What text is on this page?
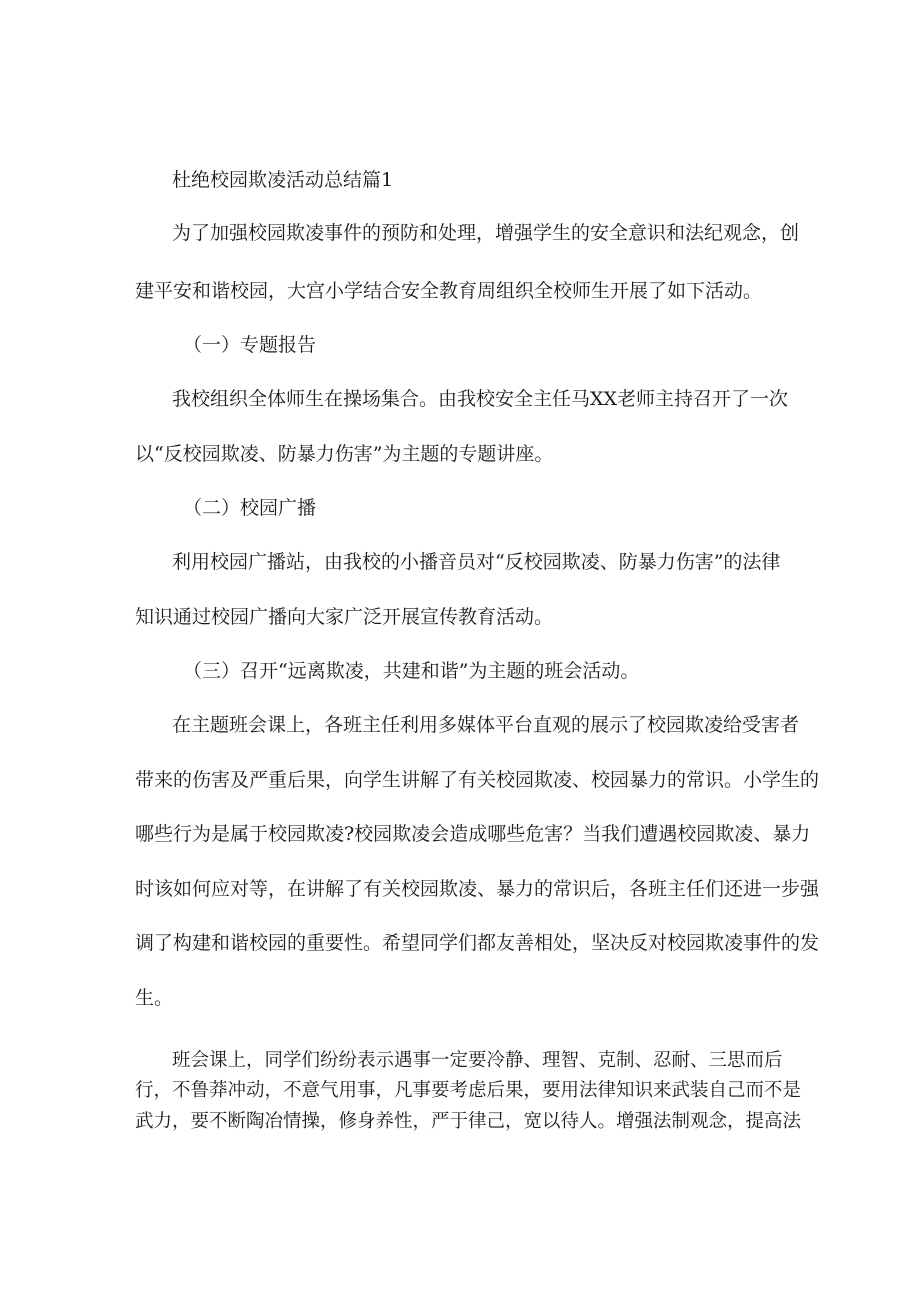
杜绝校园欺凌活动总结篇1
为了加强校园欺凌事件的预防和处理，增强学生的安全意识和法纪观念，创
建平安和谐校园，大宫小学结合安全教育周组织全校师生开展了如下活动。
（一）专题报告
我校组织全体师生在操场集合。由我校安全主任马XX老师主持召开了一次
以“反校园欺凌、防暴力伤害”为主题的专题讲座。
（二）校园广播
利用校园广播站，由我校的小播音员对“反校园欺凌、防暴力伤害”的法律
知识通过校园广播向大家广泛开展宣传教育活动。
（三）召开“远离欺凌，共建和谐”为主题的班会活动。
在主题班会课上，各班主任利用多媒体平台直观的展示了校园欺凌给受害者
带来的伤害及严重后果，向学生讲解了有关校园欺凌、校园暴力的常识。小学生的
哪些行为是属于校园欺凌?校园欺凌会造成哪些危害？当我们遭遇校园欺凌、暴力
时该如何应对等，在讲解了有关校园欺凌、暴力的常识后，各班主任们还进一步强
调了构建和谐校园的重要性。希望同学们都友善相处，坚决反对校园欺凌事件的发
生。
班会课上，同学们纷纷表示遇事一定要冷静、理智、克制、忍耐、三思而后
行，不鲁莽冲动，不意气用事，凡事要考虑后果，要用法律知识来武装自己而不是
武力，要不断陶冶情操，修身养性，严于律己，宽以待人。增强法制观念，提高法
